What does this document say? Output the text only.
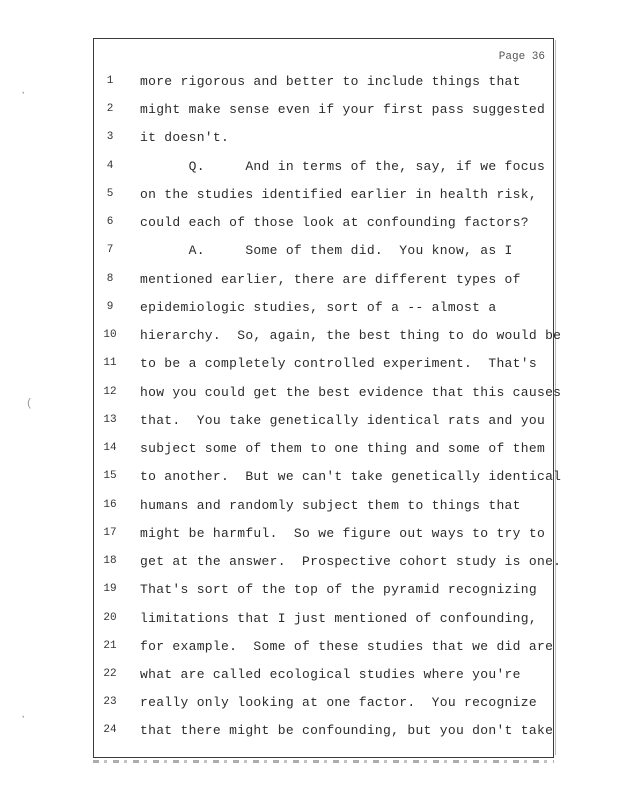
Page 36
·
(
·
1	more rigorous and better to include things that
2	might make sense even if your first pass suggested
3	it doesn't.
4	Q.     And in terms of the, say, if we focus
5	on the studies identified earlier in health risk,
6	could each of those look at confounding factors?
7	A.     Some of them did.  You know, as I
8	mentioned earlier, there are different types of
9	epidemiologic studies, sort of a -- almost a
10	hierarchy.  So, again, the best thing to do would be
11	to be a completely controlled experiment.  That's
12	how you could get the best evidence that this causes
13	that.  You take genetically identical rats and you
14	subject some of them to one thing and some of them
15	to another.  But we can't take genetically identical
16	humans and randomly subject them to things that
17	might be harmful.  So we figure out ways to try to
18	get at the answer.  Prospective cohort study is one.
19	That's sort of the top of the pyramid recognizing
20	limitations that I just mentioned of confounding,
21	for example.  Some of these studies that we did are
22	what are called ecological studies where you're
23	really only looking at one factor.  You recognize
24	that there might be confounding, but you don't take
